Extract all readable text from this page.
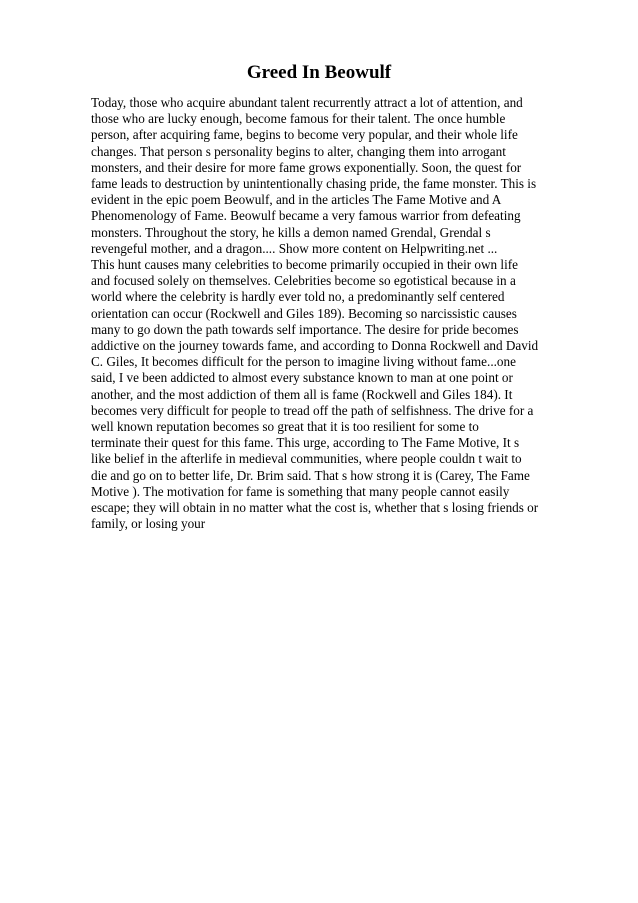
Greed In Beowulf
Today, those who acquire abundant talent recurrently attract a lot of attention, and
those who are lucky enough, become famous for their talent. The once humble
person, after acquiring fame, begins to become very popular, and their whole life
changes. That person s personality begins to alter, changing them into arrogant
monsters, and their desire for more fame grows exponentially. Soon, the quest for
fame leads to destruction by unintentionally chasing pride, the fame monster. This is
evident in the epic poem Beowulf, and in the articles The Fame Motive and A
Phenomenology of Fame. Beowulf became a very famous warrior from defeating
monsters. Throughout the story, he kills a demon named Grendal, Grendal s
revengeful mother, and a dragon.... Show more content on Helpwriting.net ...
This hunt causes many celebrities to become primarily occupied in their own life
and focused solely on themselves. Celebrities become so egotistical because in a
world where the celebrity is hardly ever told no, a predominantly self centered
orientation can occur (Rockwell and Giles 189). Becoming so narcissistic causes
many to go down the path towards self importance. The desire for pride becomes
addictive on the journey towards fame, and according to Donna Rockwell and David
C. Giles, It becomes difficult for the person to imagine living without fame...one
said, I ve been addicted to almost every substance known to man at one point or
another, and the most addiction of them all is fame (Rockwell and Giles 184). It
becomes very difficult for people to tread off the path of selfishness. The drive for a
well known reputation becomes so great that it is too resilient for some to
terminate their quest for this fame. This urge, according to The Fame Motive, It s
like belief in the afterlife in medieval communities, where people couldn t wait to
die and go on to better life, Dr. Brim said. That s how strong it is (Carey, The Fame
Motive ). The motivation for fame is something that many people cannot easily
escape; they will obtain in no matter what the cost is, whether that s losing friends or
family, or losing your
